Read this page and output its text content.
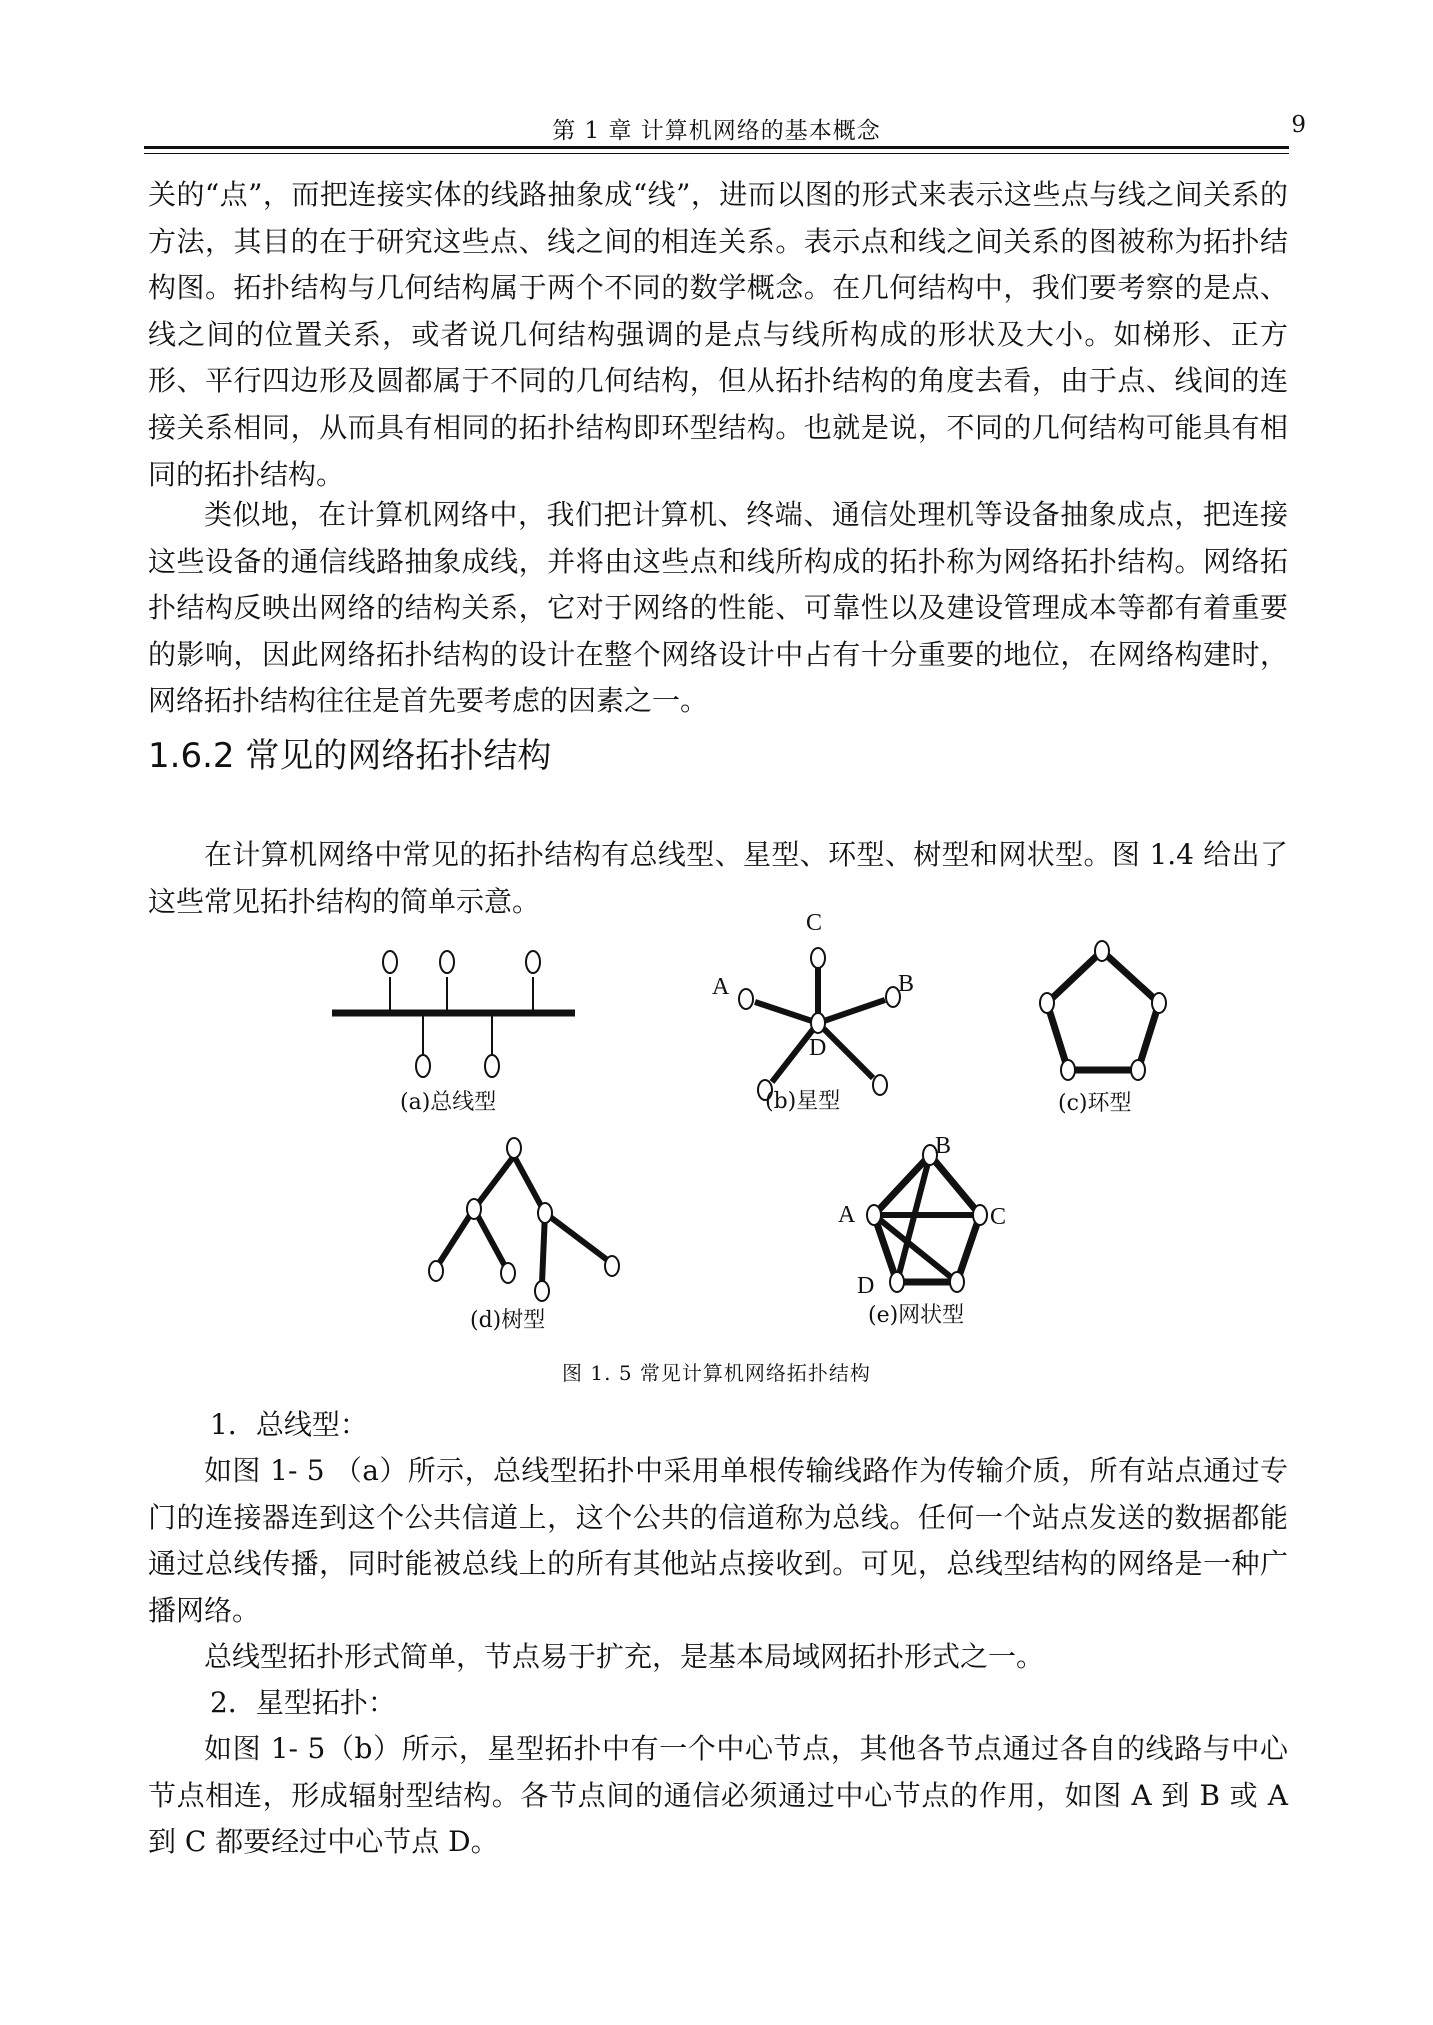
第 1 章 计算机网络的基本概念	9

关的“点”，而把连接实体的线路抽象成“线”，进而以图的形式来表示这些点与线之间关系的方法，其目的在于研究这些点、线之间的相连关系。表示点和线之间关系的图被称为拓扑结构图。拓扑结构与几何结构属于两个不同的数学概念。在几何结构中，我们要考察的是点、线之间的位置关系，或者说几何结构强调的是点与线所构成的形状及大小。如梯形、正方形、平行四边形及圆都属于不同的几何结构，但从拓扑结构的角度去看，由于点、线间的连接关系相同，从而具有相同的拓扑结构即环型结构。也就是说，不同的几何结构可能具有相同的拓扑结构。

类似地，在计算机网络中，我们把计算机、终端、通信处理机等设备抽象成点，把连接这些设备的通信线路抽象成线，并将由这些点和线所构成的拓扑称为网络拓扑结构。网络拓扑结构反映出网络的结构关系，它对于网络的性能、可靠性以及建设管理成本等都有着重要的影响，因此网络拓扑结构的设计在整个网络设计中占有十分重要的地位，在网络构建时，网络拓扑结构往往是首先要考虑的因素之一。

1.6.2 常见的网络拓扑结构

在计算机网络中常见的拓扑结构有总线型、星型、环型、树型和网状型。图 1.4 给出了这些常见拓扑结构的简单示意。

(a)总线型
C
A	B
D
(b)星型	(c)环型
(d)树型
B
A	C
D
(e)网状型
图 1. 5 常见计算机网络拓扑结构

1．总线型：

如图 1- 5 （a）所示，总线型拓扑中采用单根传输线路作为传输介质，所有站点通过专门的连接器连到这个公共信道上，这个公共的信道称为总线。任何一个站点发送的数据都能通过总线传播，同时能被总线上的所有其他站点接收到。可见，总线型结构的网络是一种广播网络。

总线型拓扑形式简单，节点易于扩充，是基本局域网拓扑形式之一。

2．星型拓扑：

如图 1- 5（b）所示，星型拓扑中有一个中心节点，其他各节点通过各自的线路与中心节点相连，形成辐射型结构。各节点间的通信必须通过中心节点的作用，如图 A 到 B 或 A 到 C 都要经过中心节点 D。
